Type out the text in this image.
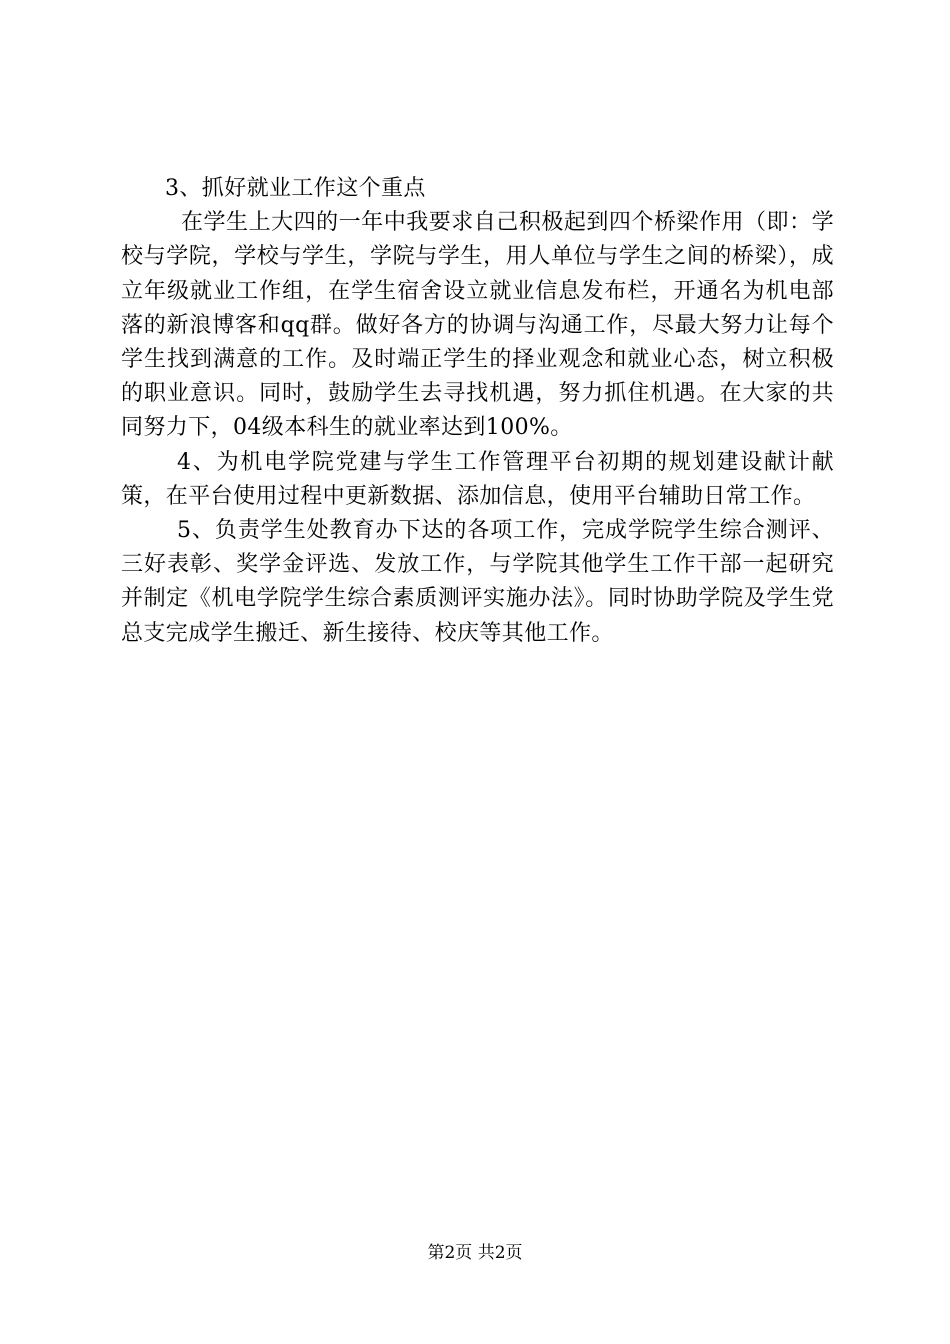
3、抓好就业工作这个重点

在学生上大四的一年中我要求自己积极起到四个桥梁作用（即：学校与学院，学校与学生，学院与学生，用人单位与学生之间的桥梁），成立年级就业工作组，在学生宿舍设立就业信息发布栏，开通名为机电部落的新浪博客和qq群。做好各方的协调与沟通工作，尽最大努力让每个学生找到满意的工作。及时端正学生的择业观念和就业心态，树立积极的职业意识。同时，鼓励学生去寻找机遇，努力抓住机遇。在大家的共同努力下，04级本科生的就业率达到100%。

4、为机电学院党建与学生工作管理平台初期的规划建设献计献策，在平台使用过程中更新数据、添加信息，使用平台辅助日常工作。

5、负责学生处教育办下达的各项工作，完成学院学生综合测评、三好表彰、奖学金评选、发放工作，与学院其他学生工作干部一起研究并制定《机电学院学生综合素质测评实施办法》。同时协助学院及学生党总支完成学生搬迁、新生接待、校庆等其他工作。

第2页 共2页
